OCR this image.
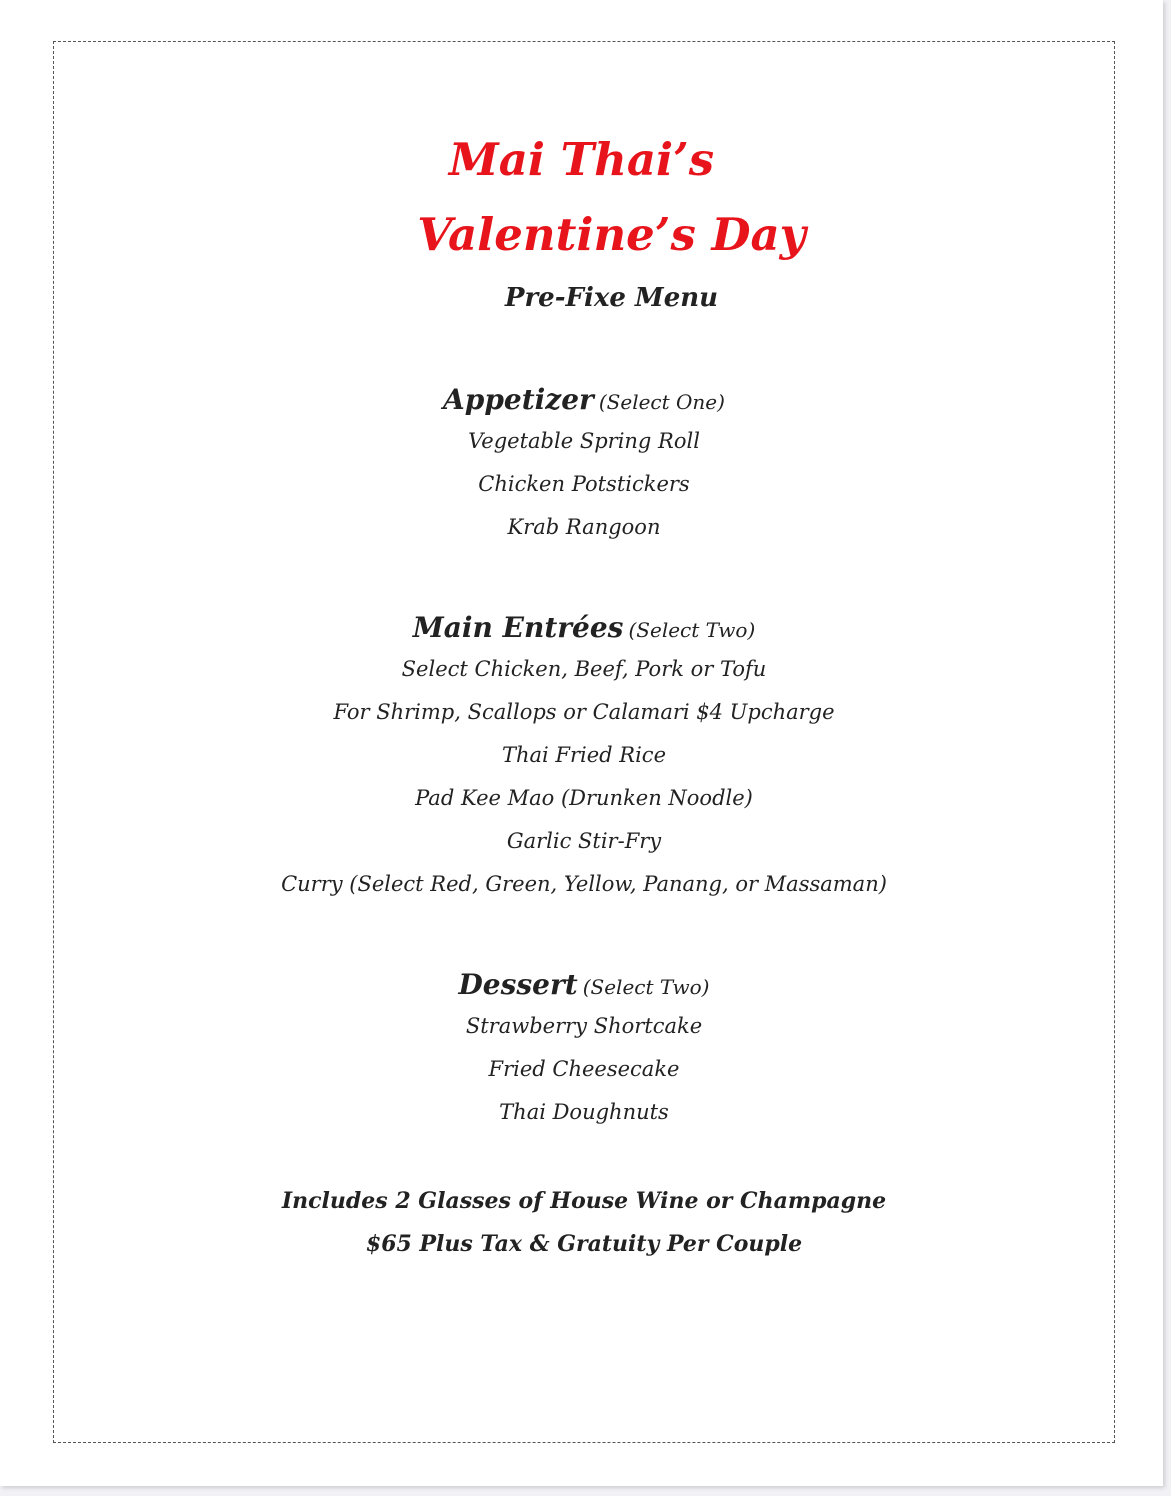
Mai Thai’s
Valentine’s Day
Pre-Fixe Menu

Appetizer (Select One)

Vegetable Spring Roll

Chicken Potstickers

Krab Rangoon

Main Entrées (Select Two)

Select Chicken, Beef, Pork or Tofu

For Shrimp, Scallops or Calamari $4 Upcharge

Thai Fried Rice

Pad Kee Mao (Drunken Noodle)

Garlic Stir-Fry

Curry (Select Red, Green, Yellow, Panang, or Massaman)

Dessert (Select Two)

Strawberry Shortcake

Fried Cheesecake

Thai Doughnuts

Includes 2 Glasses of House Wine or Champagne

$65 Plus Tax & Gratuity Per Couple
